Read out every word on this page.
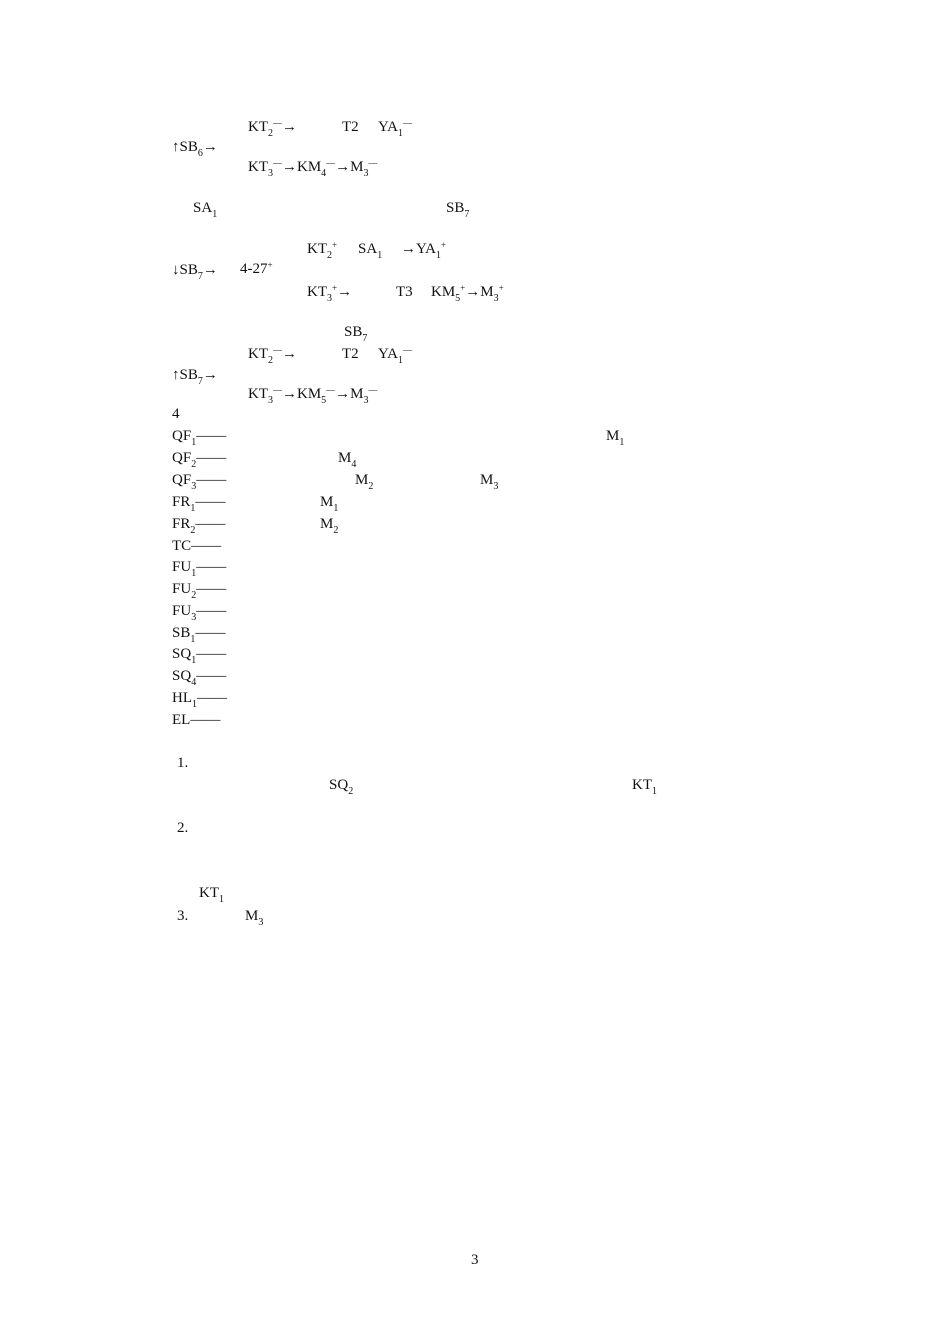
$KT_2^—\to$	T2 $YA_1^—$
$↑SB_6\to$
$KT_3^—\to KM_4^—\to M_3^—$
$SA_1$	$SB_7$
$KT_2^+$ $SA_1 \to YA_1^+$
$↓SB_7\to 4-27^+$
$KT_3^+\to$	T3 $KM_5^+\to M_3^+$
$SB_7$
$KT_2^—\to$	T2 $YA_1^—$
$↑SB_7\to$
$KT_3^—\to KM_5^—\to M_3^—$
4
$QF_1——$	$M_1$
$QF_2——$	$M_4$
$QF_3——$	$M_2$	$M_3$
$FR_1——$	$M_1$
$FR_2——$	$M_2$
TC——
$FU_1——$
$FU_2——$
$FU_3——$
$SB_1——$
$SQ_1——$
$SQ_4——$
$HL_1——$
EL——
1.
$SQ_2$	$KT_1$
2.
$KT_1$
3.	$M_3$
3
